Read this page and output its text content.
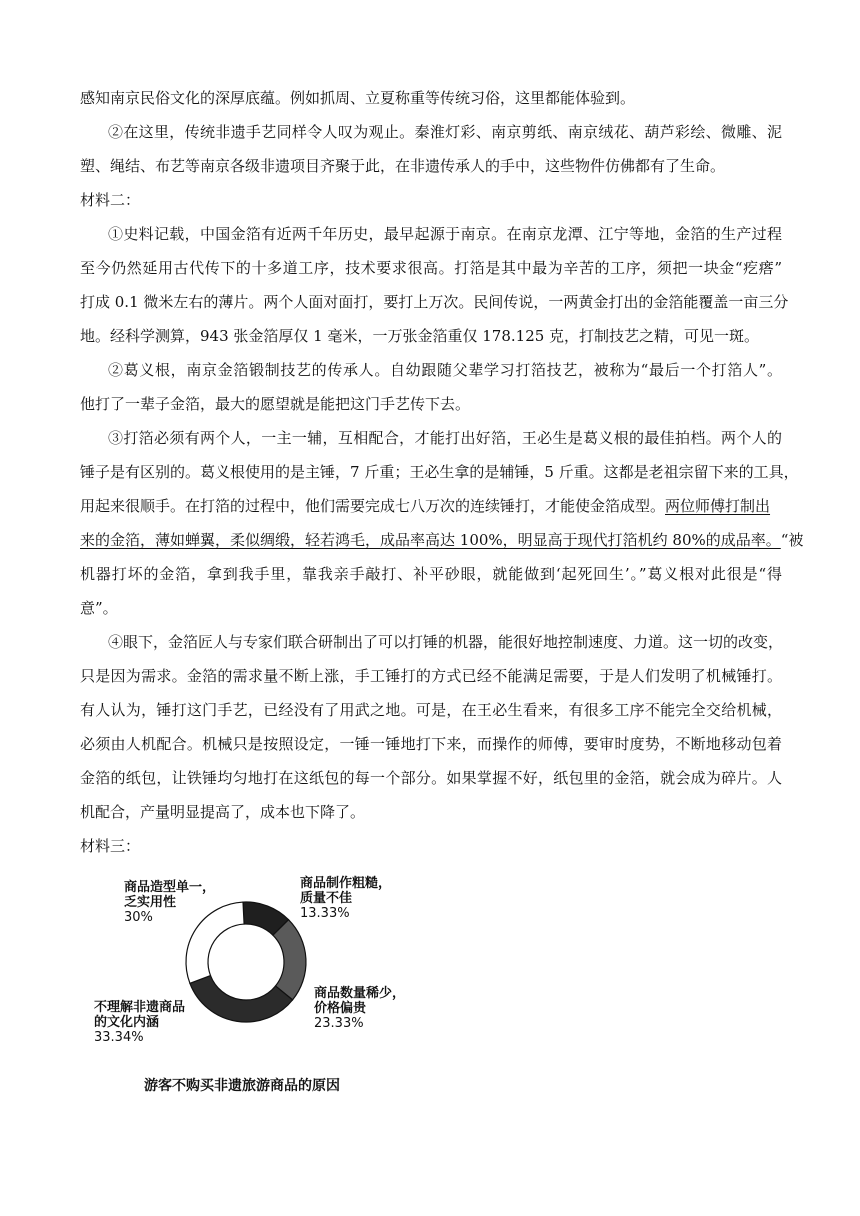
感知南京民俗文化的深厚底蕴。例如抓周、立夏称重等传统习俗，这里都能体验到。
②在这里，传统非遗手艺同样令人叹为观止。秦淮灯彩、南京剪纸、南京绒花、葫芦彩绘、微雕、泥
塑、绳结、布艺等南京各级非遗项目齐聚于此，在非遗传承人的手中，这些物件仿佛都有了生命。
材料二：
①史料记载，中国金箔有近两千年历史，最早起源于南京。在南京龙潭、江宁等地，金箔的生产过程
至今仍然延用古代传下的十多道工序，技术要求很高。打箔是其中最为辛苦的工序，须把一块金“疙瘩”
打成 0.1 微米左右的薄片。两个人面对面打，要打上万次。民间传说，一两黄金打出的金箔能覆盖一亩三分
地。经科学测算，943 张金箔厚仅 1 毫米，一万张金箔重仅 178.125 克，打制技艺之精，可见一斑。
②葛义根，南京金箔锻制技艺的传承人。自幼跟随父辈学习打箔技艺，被称为“最后一个打箔人”。
他打了一辈子金箔，最大的愿望就是能把这门手艺传下去。
③打箔必须有两个人，一主一辅，互相配合，才能打出好箔，王必生是葛义根的最佳拍档。两个人的
锤子是有区别的。葛义根使用的是主锤，7 斤重；王必生拿的是辅锤，5 斤重。这都是老祖宗留下来的工具，
用起来很顺手。在打箔的过程中，他们需要完成七八万次的连续锤打，才能使金箔成型。两位师傅打制出
来的金箔，薄如蝉翼，柔似绸缎，轻若鸿毛，成品率高达 100%，明显高于现代打箔机约 80%的成品率。“被
机器打坏的金箔，拿到我手里，靠我亲手敲打、补平砂眼，就能做到‘起死回生’。”葛义根对此很是“得
意”。
④眼下，金箔匠人与专家们联合研制出了可以打锤的机器，能很好地控制速度、力道。这一切的改变，
只是因为需求。金箔的需求量不断上涨，手工锤打的方式已经不能满足需要，于是人们发明了机械锤打。
有人认为，锤打这门手艺，已经没有了用武之地。可是，在王必生看来，有很多工序不能完全交给机械，
必须由人机配合。机械只是按照设定，一锤一锤地打下来，而操作的师傅，要审时度势，不断地移动包着
金箔的纸包，让铁锤均匀地打在这纸包的每一个部分。如果掌握不好，纸包里的金箔，就会成为碎片。人
机配合，产量明显提高了，成本也下降了。
材料三：
商品制作粗糙，
质量不佳
13.33%
商品数量稀少，
价格偏贵
23.33%
不理解非遗商品
的文化内涵
33.34%
商品造型单一，
乏实用性
30%
游客不购买非遗旅游商品的原因
